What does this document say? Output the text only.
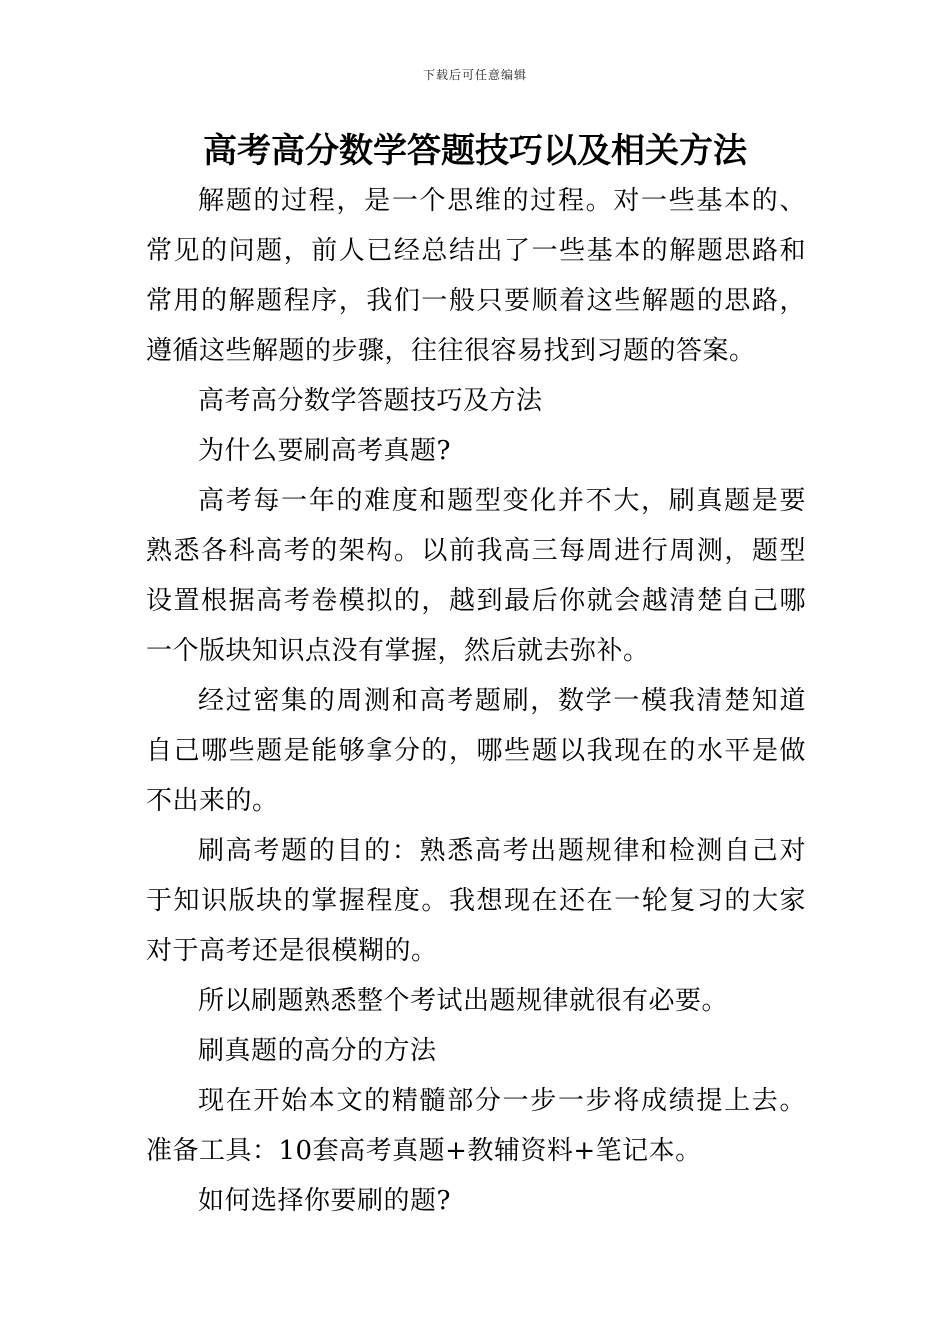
下载后可任意编辑
高考高分数学答题技巧以及相关方法

解题的过程，是一个思维的过程。对一些基本的、常见的问题，前人已经总结出了一些基本的解题思路和常用的解题程序，我们一般只要顺着这些解题的思路，遵循这些解题的步骤，往往很容易找到习题的答案。

高考高分数学答题技巧及方法

为什么要刷高考真题?

高考每一年的难度和题型变化并不大，刷真题是要熟悉各科高考的架构。以前我高三每周进行周测，题型设置根据高考卷模拟的，越到最后你就会越清楚自己哪一个版块知识点没有掌握，然后就去弥补。

经过密集的周测和高考题刷，数学一模我清楚知道自己哪些题是能够拿分的，哪些题以我现在的水平是做不出来的。

刷高考题的目的：熟悉高考出题规律和检测自己对于知识版块的掌握程度。我想现在还在一轮复习的大家对于高考还是很模糊的。

所以刷题熟悉整个考试出题规律就很有必要。

刷真题的高分的方法

现在开始本文的精髓部分一步一步将成绩提上去。准备工具：10套高考真题+教辅资料+笔记本。

如何选择你要刷的题?
